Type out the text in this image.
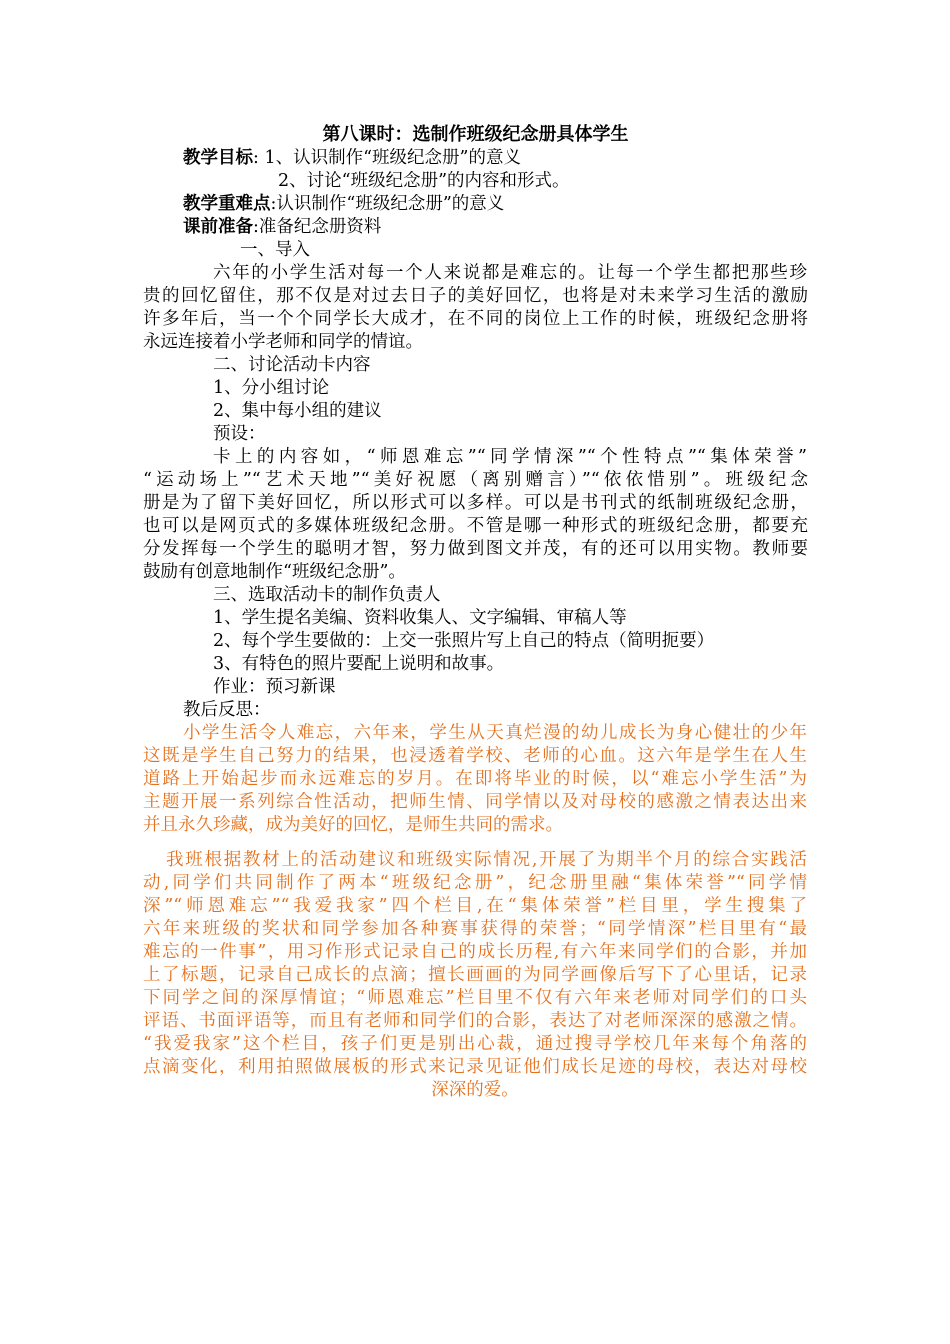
第八课时：选制作班级纪念册具体学生
教学目标: 1、认识制作“班级纪念册”的意义
2、讨论“班级纪念册”的内容和形式。
教学重难点:认识制作“班级纪念册”的意义
课前准备:准备纪念册资料
一、导入
六年的小学生活对每一个人来说都是难忘的。让每一个学生都把那些珍
贵的回忆留住，那不仅是对过去日子的美好回忆，也将是对未来学习生活的激励
许多年后，当一个个同学长大成才，在不同的岗位上工作的时候，班级纪念册将
永远连接着小学老师和同学的情谊。
二、讨论活动卡内容
1、分小组讨论
2、集中每小组的建议
预设：
卡上的内容如，“师恩难忘”“同学情深”“个性特点”“集体荣誉”
“运动场上”“艺术天地”“美好祝愿（离别赠言）”“依依惜别”。班级纪念
册是为了留下美好回忆，所以形式可以多样。可以是书刊式的纸制班级纪念册，
也可以是网页式的多媒体班级纪念册。不管是哪一种形式的班级纪念册，都要充
分发挥每一个学生的聪明才智，努力做到图文并茂，有的还可以用实物。教师要
鼓励有创意地制作“班级纪念册”。
三、选取活动卡的制作负责人
1、学生提名美编、资料收集人、文字编辑、审稿人等
2、每个学生要做的：上交一张照片写上自己的特点（简明扼要）
3、有特色的照片要配上说明和故事。
作业：预习新课
教后反思：
小学生活令人难忘，六年来，学生从天真烂漫的幼儿成长为身心健壮的少年
这既是学生自己努力的结果，也浸透着学校、老师的心血。这六年是学生在人生
道路上开始起步而永远难忘的岁月。在即将毕业的时候，以“难忘小学生活”为
主题开展一系列综合性活动，把师生情、同学情以及对母校的感激之情表达出来
并且永久珍藏，成为美好的回忆，是师生共同的需求。
我班根据教材上的活动建议和班级实际情况,开展了为期半个月的综合实践活
动,同学们共同制作了两本“班级纪念册”，纪念册里融“集体荣誉”“同学情
深”“师恩难忘”“我爱我家”四个栏目,在“集体荣誉”栏目里，学生搜集了
六年来班级的奖状和同学参加各种赛事获得的荣誉；“同学情深”栏目里有“最
难忘的一件事”，用习作形式记录自己的成长历程,有六年来同学们的合影，并加
上了标题，记录自己成长的点滴；擅长画画的为同学画像后写下了心里话，记录
下同学之间的深厚情谊；“师恩难忘”栏目里不仅有六年来老师对同学们的口头
评语、书面评语等，而且有老师和同学们的合影，表达了对老师深深的感激之情。
“我爱我家”这个栏目，孩子们更是别出心裁，通过搜寻学校几年来每个角落的
点滴变化，利用拍照做展板的形式来记录见证他们成长足迹的母校，表达对母校
深深的爱。
